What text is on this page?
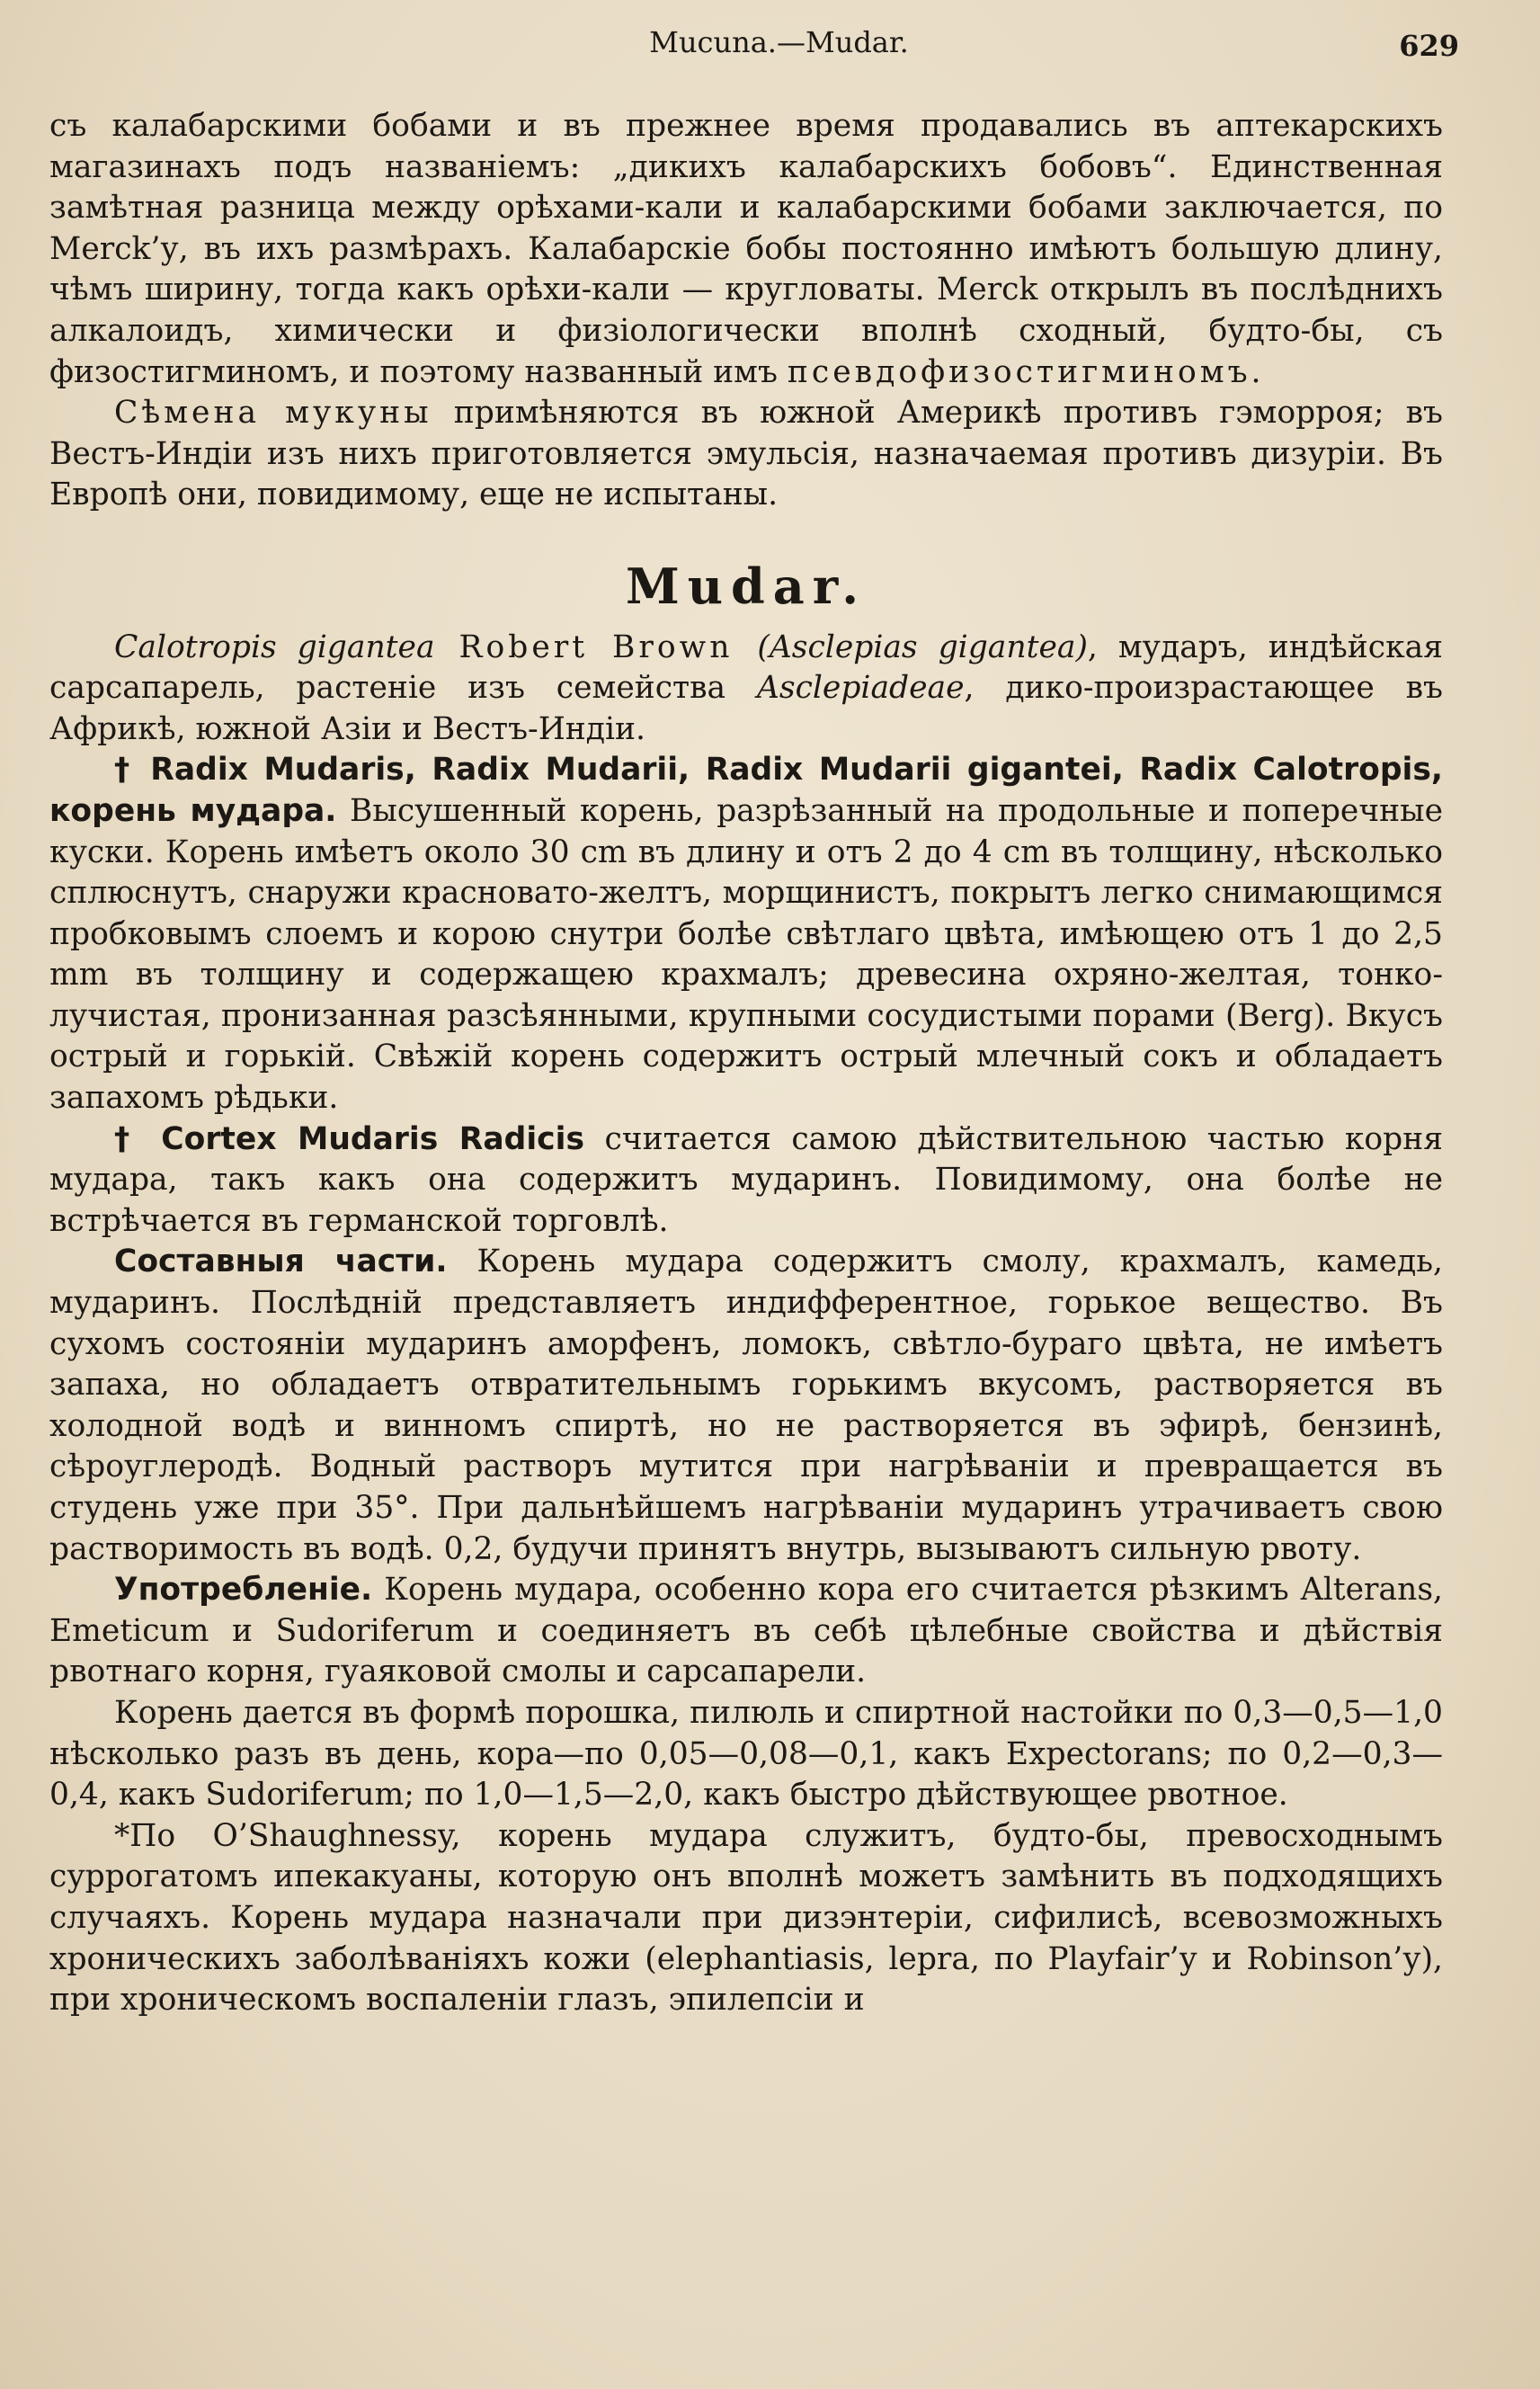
Mucuna.—Mudar.	629

съ калабарскими бобами и въ прежнее время продавались въ аптекарскихъ магазинахъ подъ названіемъ: „дикихъ калабарскихъ бобовъ“. Единственная замѣтная разница между орѣхами-кали и калабарскими бобами заключается, по Merck’у, въ ихъ размѣрахъ. Калабарскіе бобы постоянно имѣютъ большую длину, чѣмъ ширину, тогда какъ орѣхи-кали — кругловаты. Merck открылъ въ послѣднихъ алкалоидъ, химически и физіологически вполнѣ сходный, будто-бы, съ физостигминомъ, и поэтому названный имъ псевдофизостигминомъ.

Сѣмена мукуны примѣняются въ южной Америкѣ противъ гэморроя; въ Вестъ-Индіи изъ нихъ приготовляется эмульсія, назначаемая противъ дизуріи. Въ Европѣ они, повидимому, еще не испытаны.

Mudar.

Calotropis gigantea Robert Brown (Asclepias gigantea), мударъ, индѣйская сарсапарель, растеніе изъ семейства Asclepiadeae, дико-произрастающее въ Африкѣ, южной Азіи и Вестъ-Индіи.

† Radix Mudaris, Radix Mudarii, Radix Mudarii gigantei, Radix Calotropis, корень мудара. Высушенный корень, разрѣзанный на продольные и поперечные куски. Корень имѣетъ около 30 cm въ длину и отъ 2 до 4 cm въ толщину, нѣсколько сплюснутъ, снаружи красновато-желтъ, морщинистъ, покрытъ легко снимающимся пробковымъ слоемъ и корою снутри болѣе свѣтлаго цвѣта, имѣющею отъ 1 до 2,5 mm въ толщину и содержащею крахмалъ; древесина охряно-желтая, тонко-лучистая, пронизанная разсѣянными, крупными сосудистыми порами (Berg). Вкусъ острый и горькій. Свѣжій корень содержитъ острый млечный сокъ и обладаетъ запахомъ рѣдьки.

† Cortex Mudaris Radicis считается самою дѣйствительною частью корня мудара, такъ какъ она содержитъ мударинъ. Повидимому, она болѣе не встрѣчается въ германской торговлѣ.

Составныя части. Корень мудара содержитъ смолу, крахмалъ, камедь, мударинъ. Послѣдній представляетъ индифферентное, горькое вещество. Въ сухомъ состояніи мударинъ аморфенъ, ломокъ, свѣтло-бураго цвѣта, не имѣетъ запаха, но обладаетъ отвратительнымъ горькимъ вкусомъ, растворяется въ холодной водѣ и винномъ спиртѣ, но не растворяется въ эфирѣ, бензинѣ, сѣроуглеродѣ. Водный растворъ мутится при нагрѣваніи и превращается въ студень уже при 35°. При дальнѣйшемъ нагрѣваніи мударинъ утрачиваетъ свою растворимость въ водѣ. 0,2, будучи принятъ внутрь, вызываютъ сильную рвоту.

Употребленіе. Корень мудара, особенно кора его считается рѣзкимъ Alterans, Emeticum и Sudoriferum и соединяетъ въ себѣ цѣлебные свойства и дѣйствія рвотнаго корня, гуаяковой смолы и сарсапарели.

Корень дается въ формѣ порошка, пилюль и спиртной настойки по 0,3—0,5—1,0 нѣсколько разъ въ день, кора—по 0,05—0,08—0,1, какъ Expectorans; по 0,2—0,3—0,4, какъ Sudoriferum; по 1,0—1,5—2,0, какъ быстро дѣйствующее рвотное.

*По O’Shaughnessy, корень мудара служитъ, будто-бы, превосходнымъ суррогатомъ ипекакуаны, которую онъ вполнѣ можетъ замѣнить въ подходящихъ случаяхъ. Корень мудара назначали при дизэнтеріи, сифилисѣ, всевозможныхъ хроническихъ заболѣваніяхъ кожи (elephantiasis, lepra, по Playfair’у и Robinson’у), при хроническомъ воспаленіи глазъ, эпилепсіи и
